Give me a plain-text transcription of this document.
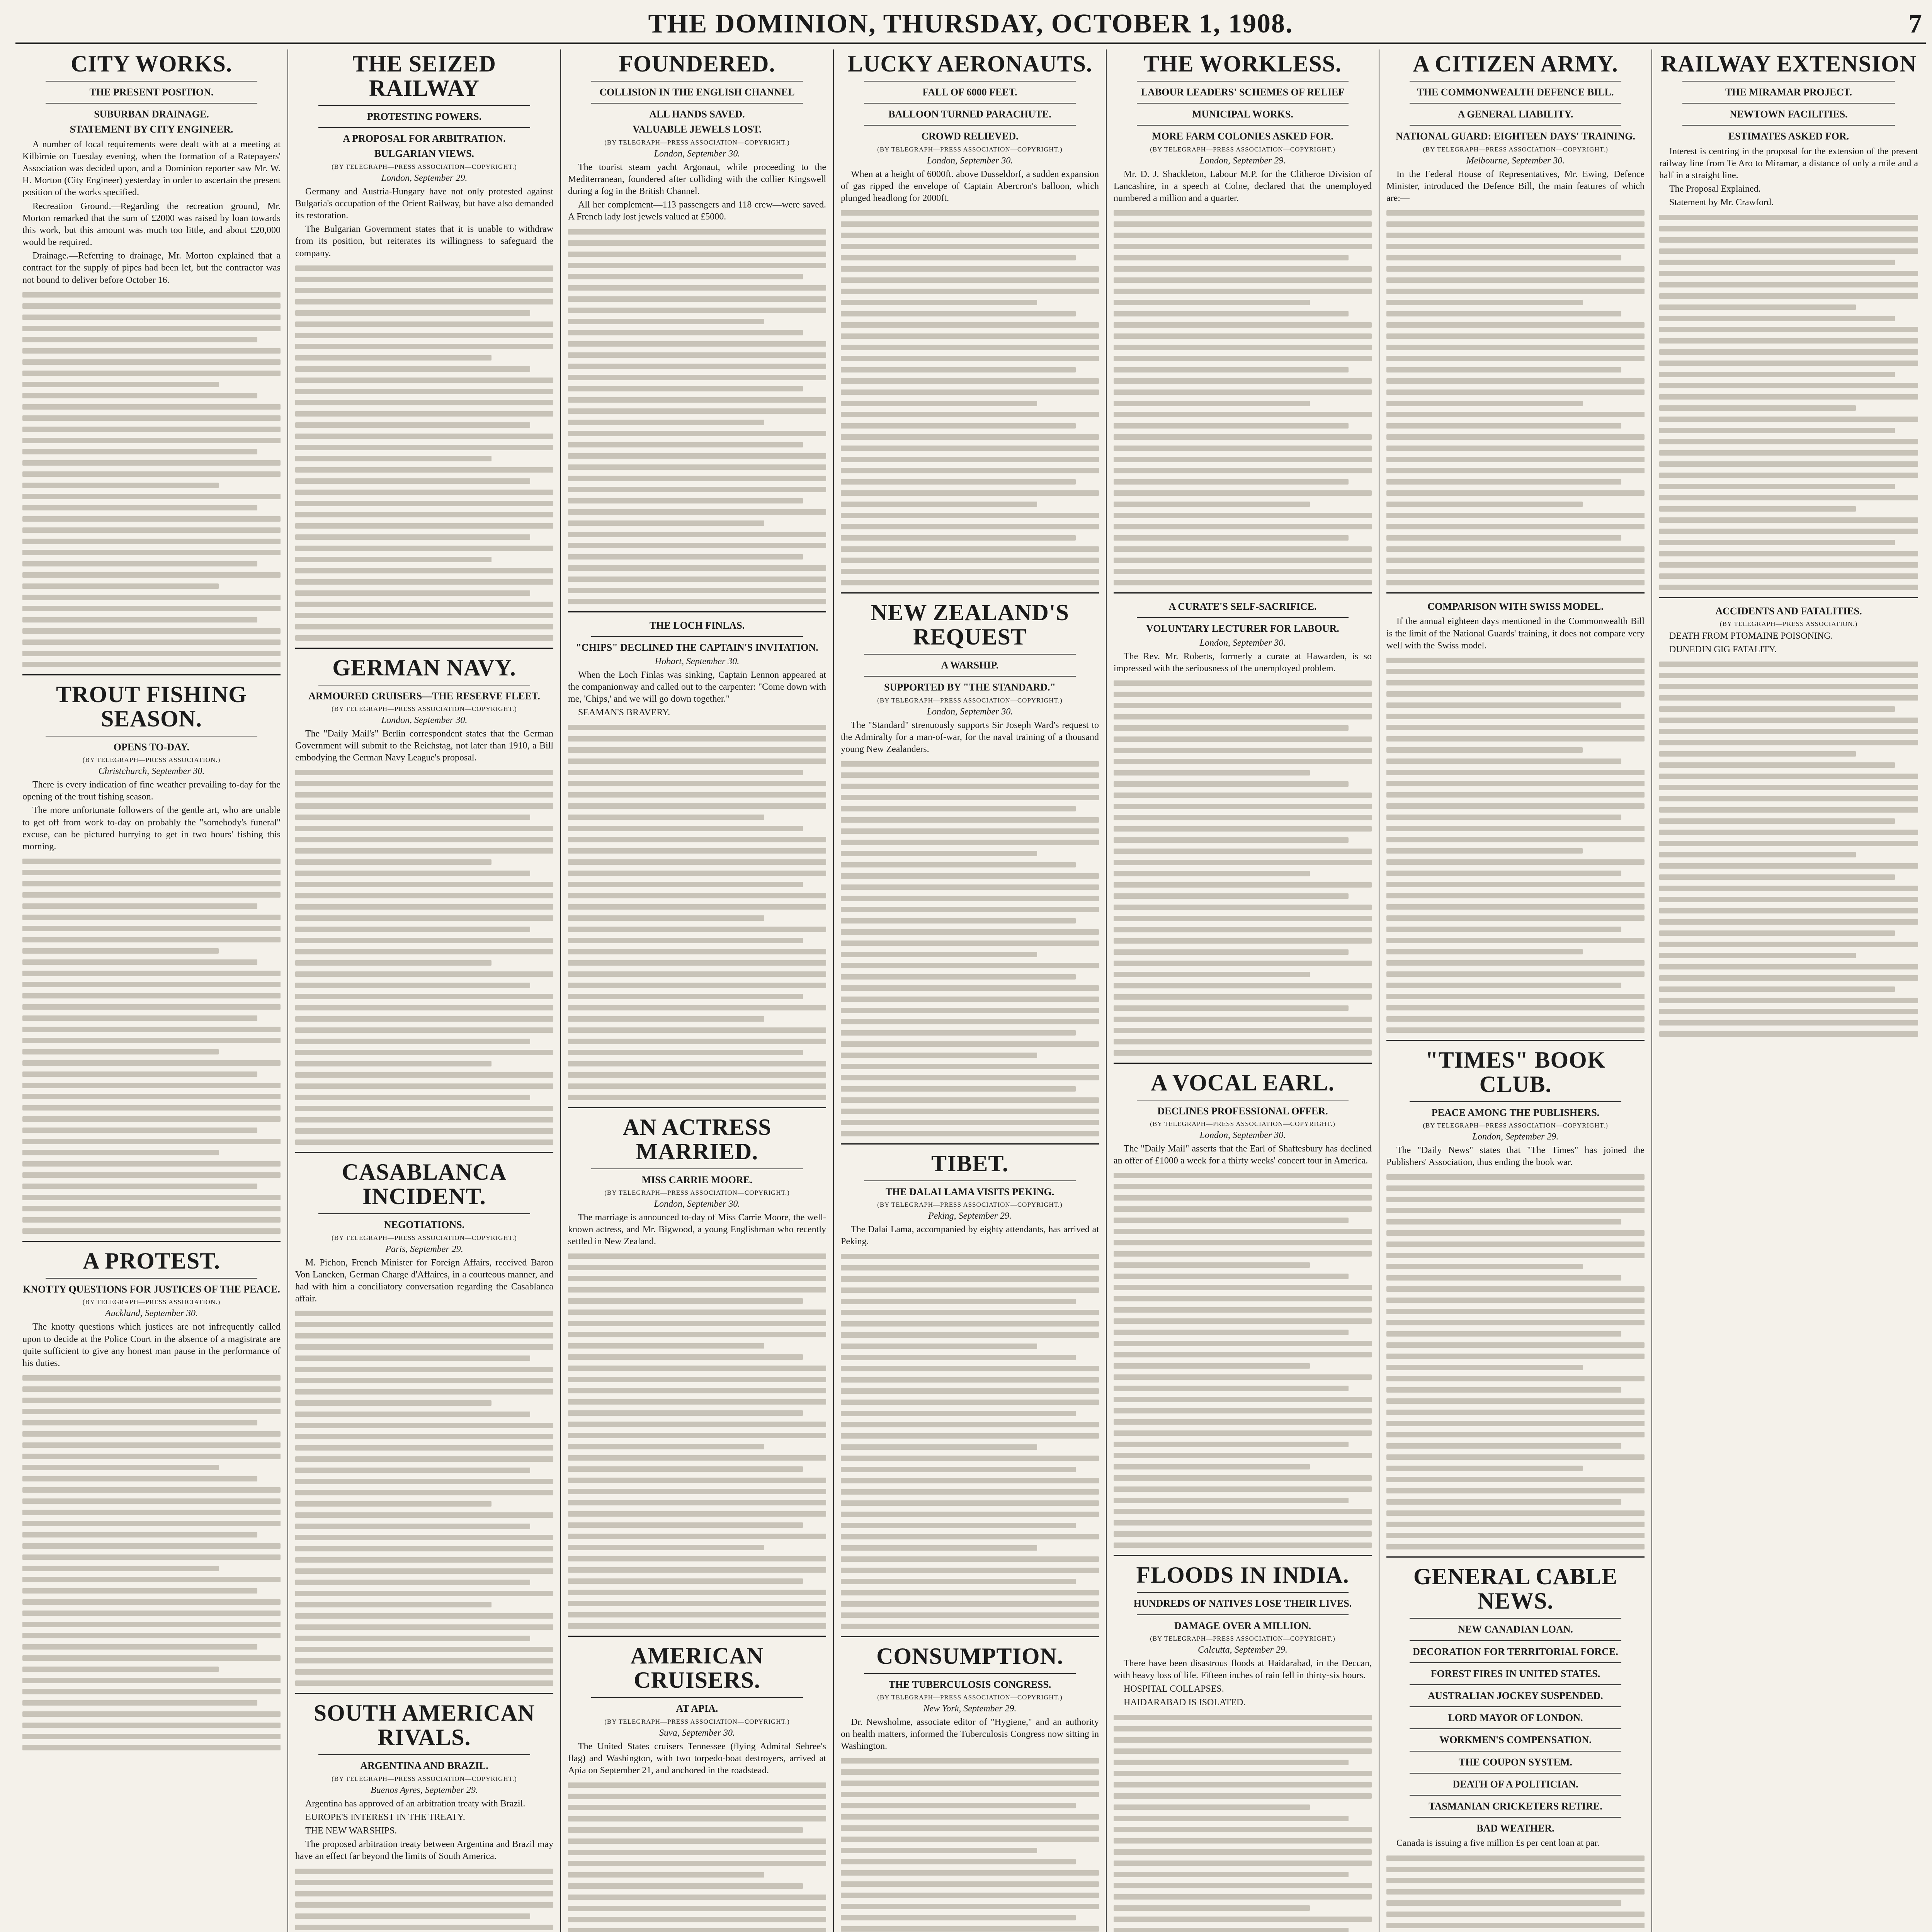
THE DOMINION, THURSDAY, OCTOBER 1, 1908.	7
CITY WORKS.
THE PRESENT POSITION.
SUBURBAN DRAINAGE.
STATEMENT BY CITY ENGINEER.

A number of local requirements were dealt with at a meeting at Kilbirnie on Tuesday evening, when the formation of a Ratepayers' Association was decided upon, and a Dominion reporter saw Mr. W. H. Morton (City Engineer) yesterday in order to ascertain the present position of the works specified.

Recreation Ground.—Regarding the recreation ground, Mr. Morton remarked that the sum of £2000 was raised by loan towards this work, but this amount was much too little, and about £20,000 would be required.

Drainage.—Referring to drainage, Mr. Morton explained that a contract for the supply of pipes had been let, but the contractor was not bound to deliver before October 16.

TROUT FISHING SEASON.
OPENS TO-DAY.
(BY TELEGRAPH—PRESS ASSOCIATION.)
Christchurch, September 30.

There is every indication of fine weather prevailing to-day for the opening of the trout fishing season.

The more unfortunate followers of the gentle art, who are unable to get off from work to-day on probably the "somebody's funeral" excuse, can be pictured hurrying to get in two hours' fishing this morning.

A PROTEST.
KNOTTY QUESTIONS FOR JUSTICES OF THE PEACE.
(BY TELEGRAPH—PRESS ASSOCIATION.)
Auckland, September 30.

The knotty questions which justices are not infrequently called upon to decide at the Police Court in the absence of a magistrate are quite sufficient to give any honest man pause in the performance of his duties.

THE SEIZED RAILWAY
PROTESTING POWERS.
A PROPOSAL FOR ARBITRATION.
BULGARIAN VIEWS.
(BY TELEGRAPH—PRESS ASSOCIATION—COPYRIGHT.)
London, September 29.

Germany and Austria-Hungary have not only protested against Bulgaria's occupation of the Orient Railway, but have also demanded its restoration.

The Bulgarian Government states that it is unable to withdraw from its position, but reiterates its willingness to safeguard the company.

GERMAN NAVY.
ARMOURED CRUISERS—THE RESERVE FLEET.
(BY TELEGRAPH—PRESS ASSOCIATION—COPYRIGHT.)
London, September 30.

The "Daily Mail's" Berlin correspondent states that the German Government will submit to the Reichstag, not later than 1910, a Bill embodying the German Navy League's proposal.

CASABLANCA INCIDENT.
NEGOTIATIONS.
(BY TELEGRAPH—PRESS ASSOCIATION—COPYRIGHT.)
Paris, September 29.

M. Pichon, French Minister for Foreign Affairs, received Baron Von Lancken, German Charge d'Affaires, in a courteous manner, and had with him a conciliatory conversation regarding the Casablanca affair.

SOUTH AMERICAN RIVALS.
ARGENTINA AND BRAZIL.
(BY TELEGRAPH—PRESS ASSOCIATION—COPYRIGHT.)
Buenos Ayres, September 29.

Argentina has approved of an arbitration treaty with Brazil.

EUROPE'S INTEREST IN THE TREATY.

THE NEW WARSHIPS.

The proposed arbitration treaty between Argentina and Brazil may have an effect far beyond the limits of South America.

FOUNDERED.
COLLISION IN THE ENGLISH CHANNEL
ALL HANDS SAVED.
VALUABLE JEWELS LOST.
(BY TELEGRAPH—PRESS ASSOCIATION—COPYRIGHT.)
London, September 30.

The tourist steam yacht Argonaut, while proceeding to the Mediterranean, foundered after colliding with the collier Kingswell during a fog in the British Channel.

All her complement—113 passengers and 118 crew—were saved. A French lady lost jewels valued at £5000.

THE LOCH FINLAS.
"CHIPS" DECLINED THE CAPTAIN'S INVITATION.
Hobart, September 30.

When the Loch Finlas was sinking, Captain Lennon appeared at the companionway and called out to the carpenter: "Come down with me, 'Chips,' and we will go down together."

SEAMAN'S BRAVERY.

AN ACTRESS MARRIED.
MISS CARRIE MOORE.
(BY TELEGRAPH—PRESS ASSOCIATION—COPYRIGHT.)
London, September 30.

The marriage is announced to-day of Miss Carrie Moore, the well-known actress, and Mr. Bigwood, a young Englishman who recently settled in New Zealand.

AMERICAN CRUISERS.
AT APIA.
(BY TELEGRAPH—PRESS ASSOCIATION—COPYRIGHT.)
Suva, September 30.

The United States cruisers Tennessee (flying Admiral Sebree's flag) and Washington, with two torpedo-boat destroyers, arrived at Apia on September 21, and anchored in the roadstead.

LUCKY AERONAUTS.
FALL OF 6000 FEET.
BALLOON TURNED PARACHUTE.
CROWD RELIEVED.
(BY TELEGRAPH—PRESS ASSOCIATION—COPYRIGHT.)
London, September 30.

When at a height of 6000ft. above Dusseldorf, a sudden expansion of gas ripped the envelope of Captain Abercron's balloon, which plunged headlong for 2000ft.

NEW ZEALAND'S REQUEST
A WARSHIP.
SUPPORTED BY "THE STANDARD."
(BY TELEGRAPH—PRESS ASSOCIATION—COPYRIGHT.)
London, September 30.

The "Standard" strenuously supports Sir Joseph Ward's request to the Admiralty for a man-of-war, for the naval training of a thousand young New Zealanders.

TIBET.
THE DALAI LAMA VISITS PEKING.
(BY TELEGRAPH—PRESS ASSOCIATION—COPYRIGHT.)
Peking, September 29.

The Dalai Lama, accompanied by eighty attendants, has arrived at Peking.

CONSUMPTION.
THE TUBERCULOSIS CONGRESS.
(BY TELEGRAPH—PRESS ASSOCIATION—COPYRIGHT.)
New York, September 29.

Dr. Newsholme, associate editor of "Hygiene," and an authority on health matters, informed the Tuberculosis Congress now sitting in Washington.

THE WORKLESS.
LABOUR LEADERS' SCHEMES OF RELIEF
MUNICIPAL WORKS.
MORE FARM COLONIES ASKED FOR.
(BY TELEGRAPH—PRESS ASSOCIATION—COPYRIGHT.)
London, September 29.

Mr. D. J. Shackleton, Labour M.P. for the Clitheroe Division of Lancashire, in a speech at Colne, declared that the unemployed numbered a million and a quarter.

A CURATE'S SELF-SACRIFICE.
VOLUNTARY LECTURER FOR LABOUR.
London, September 30.

The Rev. Mr. Roberts, formerly a curate at Hawarden, is so impressed with the seriousness of the unemployed problem.

A VOCAL EARL.
DECLINES PROFESSIONAL OFFER.
(BY TELEGRAPH—PRESS ASSOCIATION—COPYRIGHT.)
London, September 30.

The "Daily Mail" asserts that the Earl of Shaftesbury has declined an offer of £1000 a week for a thirty weeks' concert tour in America.

FLOODS IN INDIA.
HUNDREDS OF NATIVES LOSE THEIR LIVES.
DAMAGE OVER A MILLION.
(BY TELEGRAPH—PRESS ASSOCIATION—COPYRIGHT.)
Calcutta, September 29.

There have been disastrous floods at Haidarabad, in the Deccan, with heavy loss of life. Fifteen inches of rain fell in thirty-six hours.

HOSPITAL COLLAPSES.

HAIDARABAD IS ISOLATED.

A CITIZEN ARMY.
THE COMMONWEALTH DEFENCE BILL.
A GENERAL LIABILITY.
NATIONAL GUARD: EIGHTEEN DAYS' TRAINING.
(BY TELEGRAPH—PRESS ASSOCIATION—COPYRIGHT.)
Melbourne, September 30.

In the Federal House of Representatives, Mr. Ewing, Defence Minister, introduced the Defence Bill, the main features of which are:—

COMPARISON WITH SWISS MODEL.

If the annual eighteen days mentioned in the Commonwealth Bill is the limit of the National Guards' training, it does not compare very well with the Swiss model.

"TIMES" BOOK CLUB.
PEACE AMONG THE PUBLISHERS.
(BY TELEGRAPH—PRESS ASSOCIATION—COPYRIGHT.)
London, September 29.

The "Daily News" states that "The Times" has joined the Publishers' Association, thus ending the book war.

GENERAL CABLE NEWS.
NEW CANADIAN LOAN.
DECORATION FOR TERRITORIAL FORCE.
FOREST FIRES IN UNITED STATES.
AUSTRALIAN JOCKEY SUSPENDED.
LORD MAYOR OF LONDON.
WORKMEN'S COMPENSATION.
THE COUPON SYSTEM.
DEATH OF A POLITICIAN.
TASMANIAN CRICKETERS RETIRE.
BAD WEATHER.

Canada is issuing a five million £s per cent loan at par.

RAILWAY EXTENSION
THE MIRAMAR PROJECT.
NEWTOWN FACILITIES.
ESTIMATES ASKED FOR.

Interest is centring in the proposal for the extension of the present railway line from Te Aro to Miramar, a distance of only a mile and a half in a straight line.

The Proposal Explained.

Statement by Mr. Crawford.

ACCIDENTS AND FATALITIES.
(BY TELEGRAPH—PRESS ASSOCIATION.)

DEATH FROM PTOMAINE POISONING.

DUNEDIN GIG FATALITY.
